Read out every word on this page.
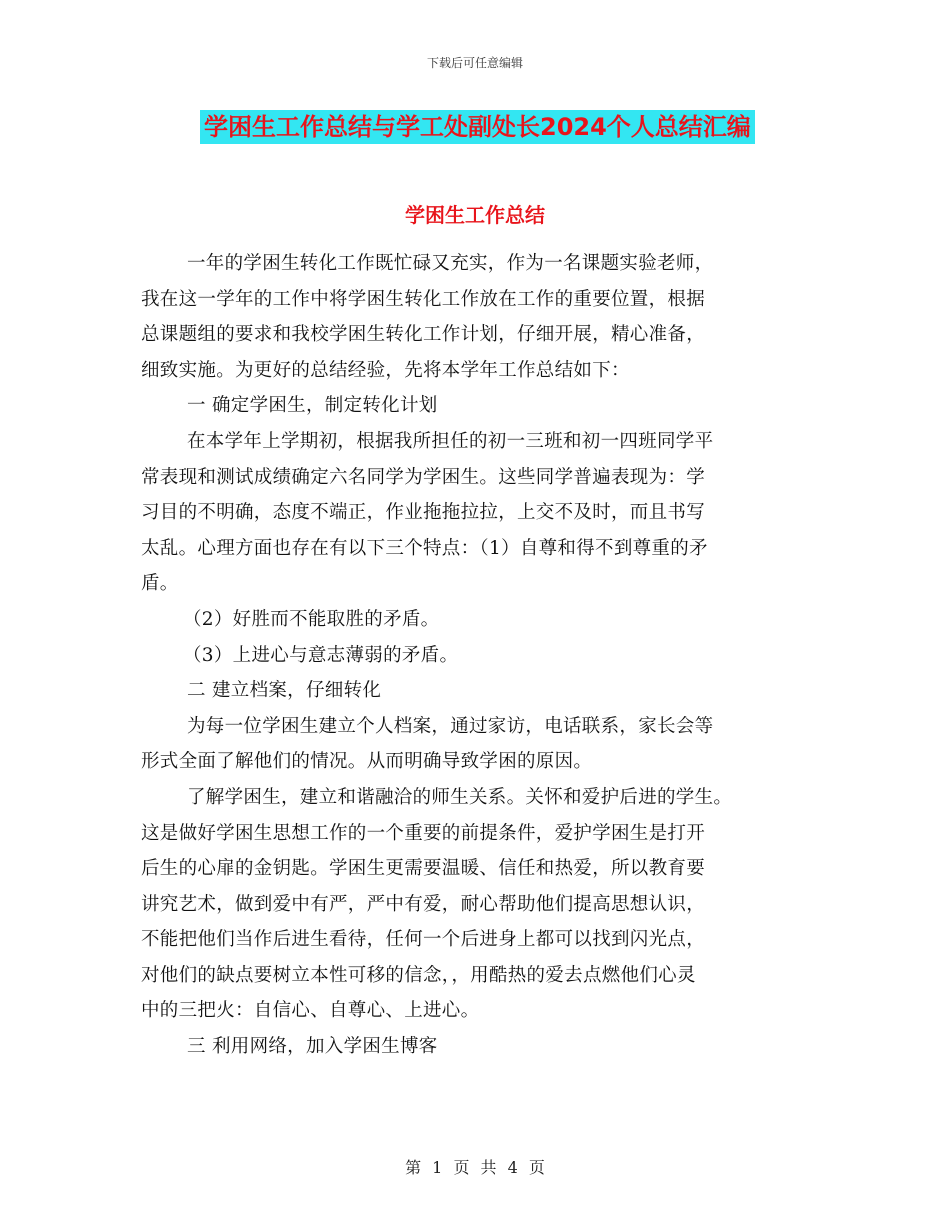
下载后可任意编辑
学困生工作总结与学工处副处长2024个人总结汇编
学困生工作总结
一年的学困生转化工作既忙碌又充实，作为一名课题实验老师，
我在这一学年的工作中将学困生转化工作放在工作的重要位置，根据
总课题组的要求和我校学困生转化工作计划，仔细开展，精心准备，
细致实施。为更好的总结经验，先将本学年工作总结如下：
一 确定学困生，制定转化计划
在本学年上学期初，根据我所担任的初一三班和初一四班同学平
常表现和测试成绩确定六名同学为学困生。这些同学普遍表现为：学
习目的不明确，态度不端正，作业拖拖拉拉，上交不及时，而且书写
太乱。心理方面也存在有以下三个特点：（1）自尊和得不到尊重的矛
盾。
（2）好胜而不能取胜的矛盾。
（3）上进心与意志薄弱的矛盾。
二 建立档案，仔细转化
为每一位学困生建立个人档案，通过家访，电话联系，家长会等
形式全面了解他们的情况。从而明确导致学困的原因。
了解学困生，建立和谐融洽的师生关系。关怀和爱护后进的学生。
这是做好学困生思想工作的一个重要的前提条件，爱护学困生是打开
后生的心扉的金钥匙。学困生更需要温暖、信任和热爱，所以教育要
讲究艺术，做到爱中有严，严中有爱，耐心帮助他们提高思想认识，
不能把他们当作后进生看待，任何一个后进身上都可以找到闪光点，
对他们的缺点要树立本性可移的信念，，用酷热的爱去点燃他们心灵
中的三把火：自信心、自尊心、上进心。
三 利用网络，加入学困生博客
第 1 页 共 4 页
